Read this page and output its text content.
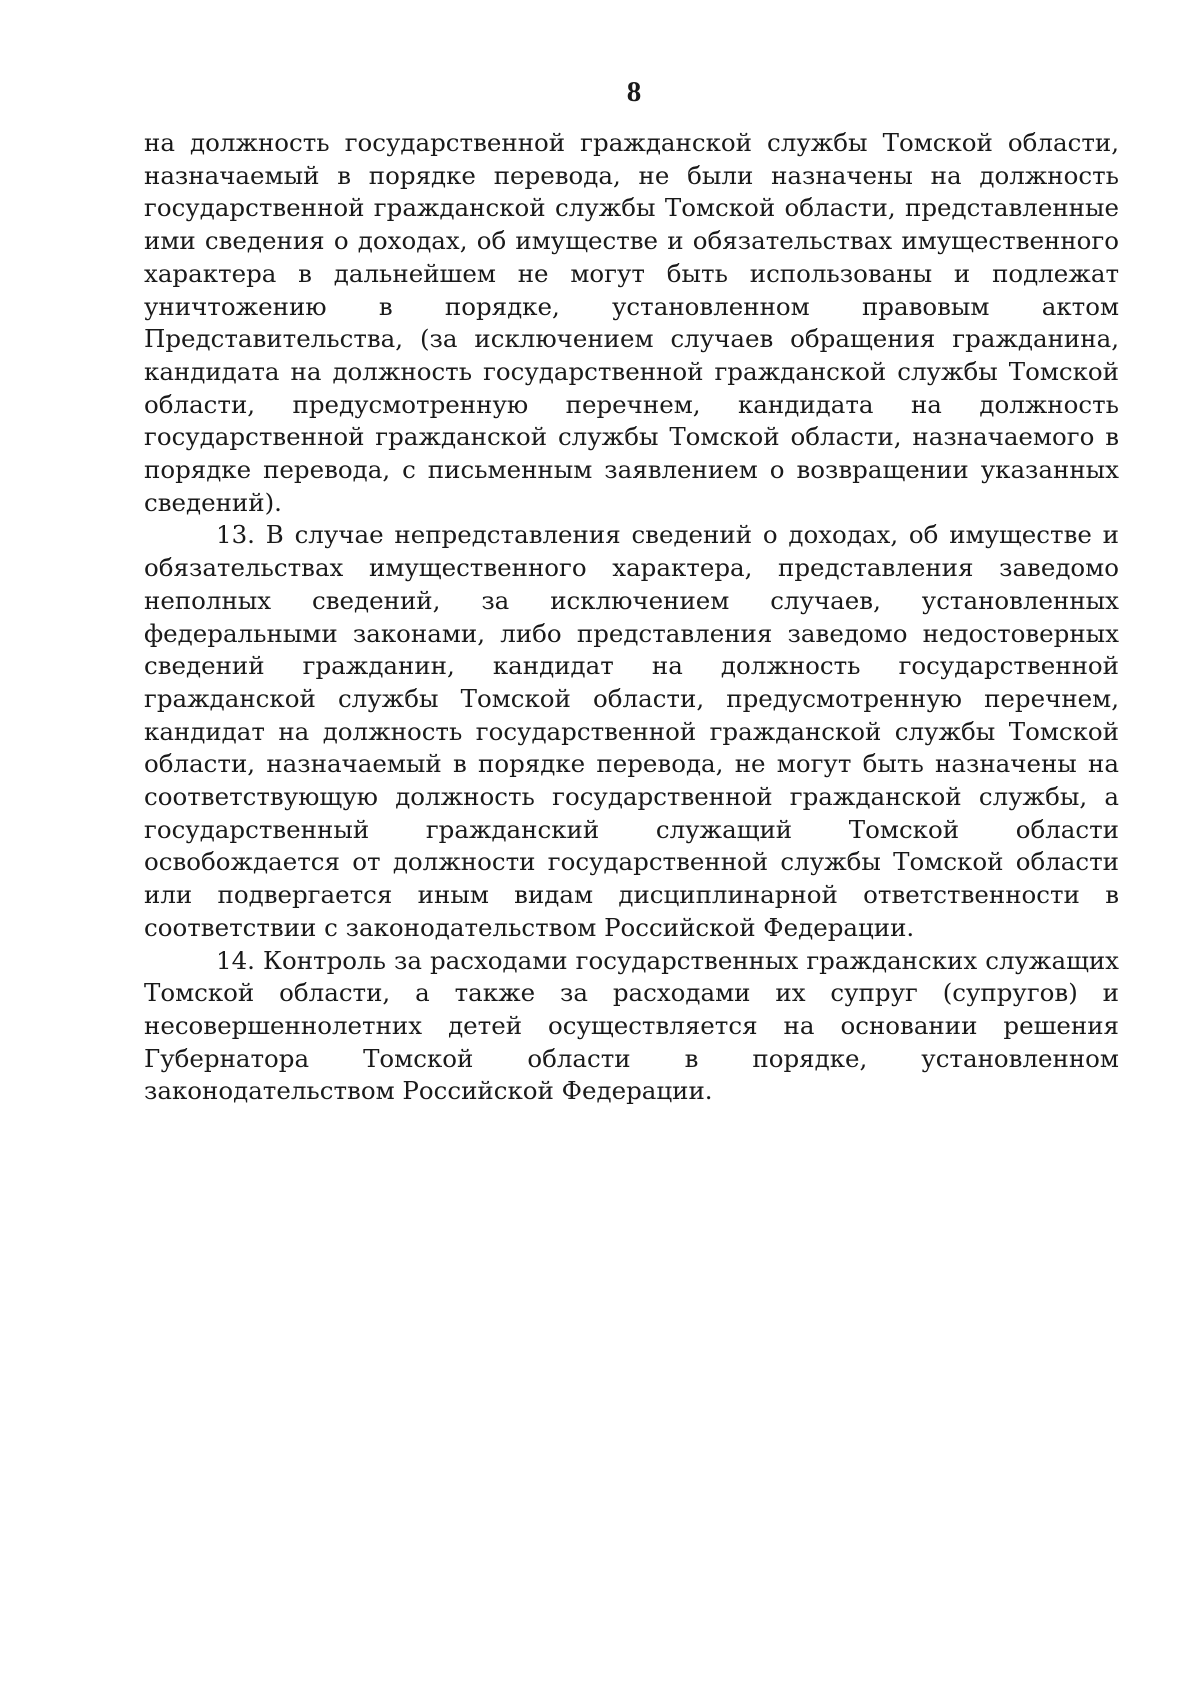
8

на должность государственной гражданской службы Томской области, назначаемый в порядке перевода, не были назначены на должность государственной гражданской службы Томской области, представленные ими сведения о доходах, об имуществе и обязательствах имущественного характера в дальнейшем не могут быть использованы и подлежат уничтожению в порядке, установленном правовым актом Представительства, (за исключением случаев обращения гражданина, кандидата на должность государственной гражданской службы Томской области, предусмотренную перечнем, кандидата на должность государственной гражданской службы Томской области, назначаемого в порядке перевода, с письменным заявлением о возвращении указанных сведений).

13. В случае непредставления сведений о доходах, об имуществе и обязательствах имущественного характера, представления заведомо неполных сведений, за исключением случаев, установленных федеральными законами, либо представления заведомо недостоверных сведений гражданин, кандидат на должность государственной гражданской службы Томской области, предусмотренную перечнем, кандидат на должность государственной гражданской службы Томской области, назначаемый в порядке перевода, не могут быть назначены на соответствующую должность государственной гражданской службы, а государственный гражданский служащий Томской области освобождается от должности государственной службы Томской области или подвергается иным видам дисциплинарной ответственности в соответствии с законодательством Российской Федерации.

14. Контроль за расходами государственных гражданских служащих Томской области, а также за расходами их супруг (супругов) и несовершеннолетних детей осуществляется на основании решения Губернатора Томской области в порядке, установленном законодательством Российской Федерации.
